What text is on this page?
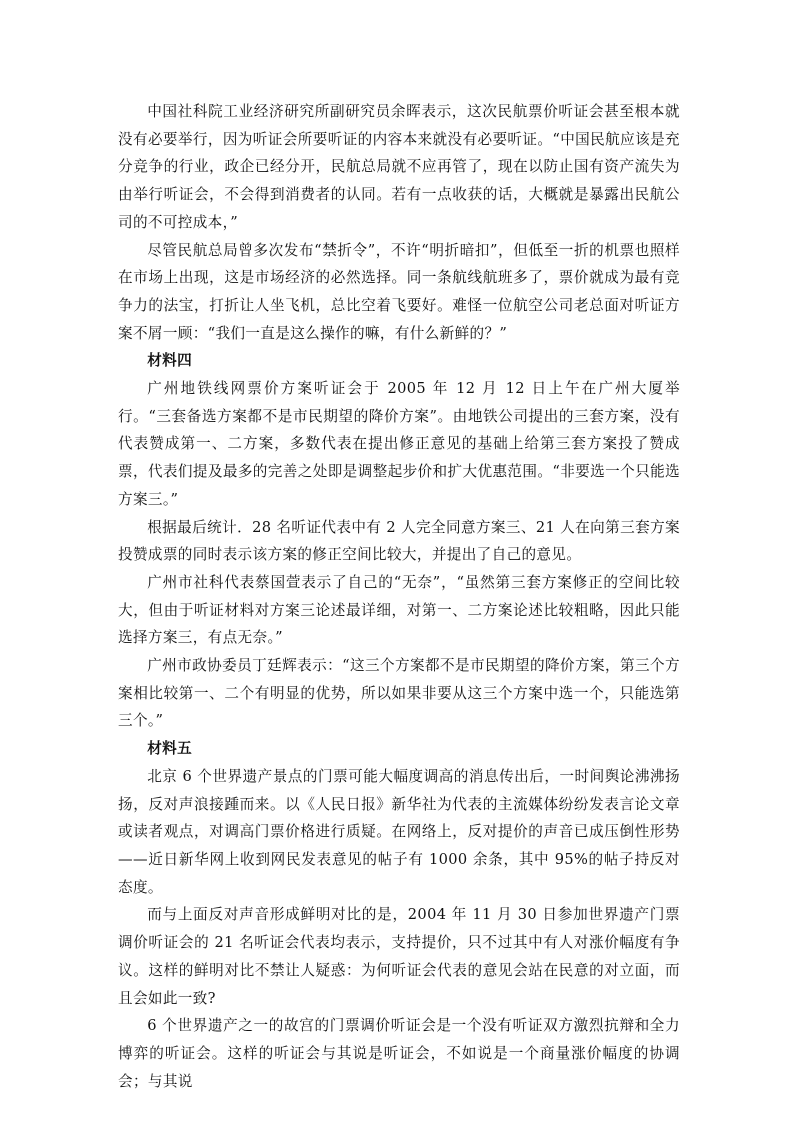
中国社科院工业经济研究所副研究员余晖表示，这次民航票价听证会甚至根本就没有必要举行，因为听证会所要听证的内容本来就没有必要听证。“中国民航应该是充分竞争的行业，政企已经分开，民航总局就不应再管了，现在以防止国有资产流失为由举行听证会，不会得到消费者的认同。若有一点收获的话，大概就是暴露出民航公司的不可控成本，”

尽管民航总局曾多次发布“禁折令”，不许“明折暗扣”，但低至一折的机票也照样在市场上出现，这是市场经济的必然选择。同一条航线航班多了，票价就成为最有竞争力的法宝，打折让人坐飞机，总比空着飞要好。难怪一位航空公司老总面对听证方案不屑一顾：“我们一直是这么操作的嘛，有什么新鲜的？”

材料四

广州地铁线网票价方案听证会于 2005 年 12 月 12 日上午在广州大厦举行。“三套备选方案都不是市民期望的降价方案”。由地铁公司提出的三套方案，没有代表赞成第一、二方案，多数代表在提出修正意见的基础上给第三套方案投了赞成票，代表们提及最多的完善之处即是调整起步价和扩大优惠范围。“非要选一个只能选方案三。”

根据最后统计．28 名听证代表中有 2 人完全同意方案三、21 人在向第三套方案投赞成票的同时表示该方案的修正空间比较大，并提出了自己的意见。

广州市社科代表蔡国萱表示了自己的“无奈”，“虽然第三套方案修正的空间比较大，但由于听证材料对方案三论述最详细，对第一、二方案论述比较粗略，因此只能选择方案三，有点无奈。”

广州市政协委员丁廷辉表示：“这三个方案都不是市民期望的降价方案，第三个方案相比较第一、二个有明显的优势，所以如果非要从这三个方案中选一个，只能选第三个。”

材料五

北京 6 个世界遗产景点的门票可能大幅度调高的消息传出后，一时间舆论沸沸扬扬，反对声浪接踵而来。以《人民日报》新华社为代表的主流媒体纷纷发表言论文章或读者观点，对调高门票价格进行质疑。在网络上，反对提价的声音已成压倒性形势——近日新华网上收到网民发表意见的帖子有 1000 余条，其中 95%的帖子持反对态度。

而与上面反对声音形成鲜明对比的是，2004 年 11 月 30 日参加世界遗产门票调价听证会的 21 名听证会代表均表示，支持提价，只不过其中有人对涨价幅度有争议。这样的鲜明对比不禁让人疑惑：为何听证会代表的意见会站在民意的对立面，而且会如此一致?

6 个世界遗产之一的故宫的门票调价听证会是一个没有听证双方激烈抗辩和全力博弈的听证会。这样的听证会与其说是听证会，不如说是一个商量涨价幅度的协调会；与其说
